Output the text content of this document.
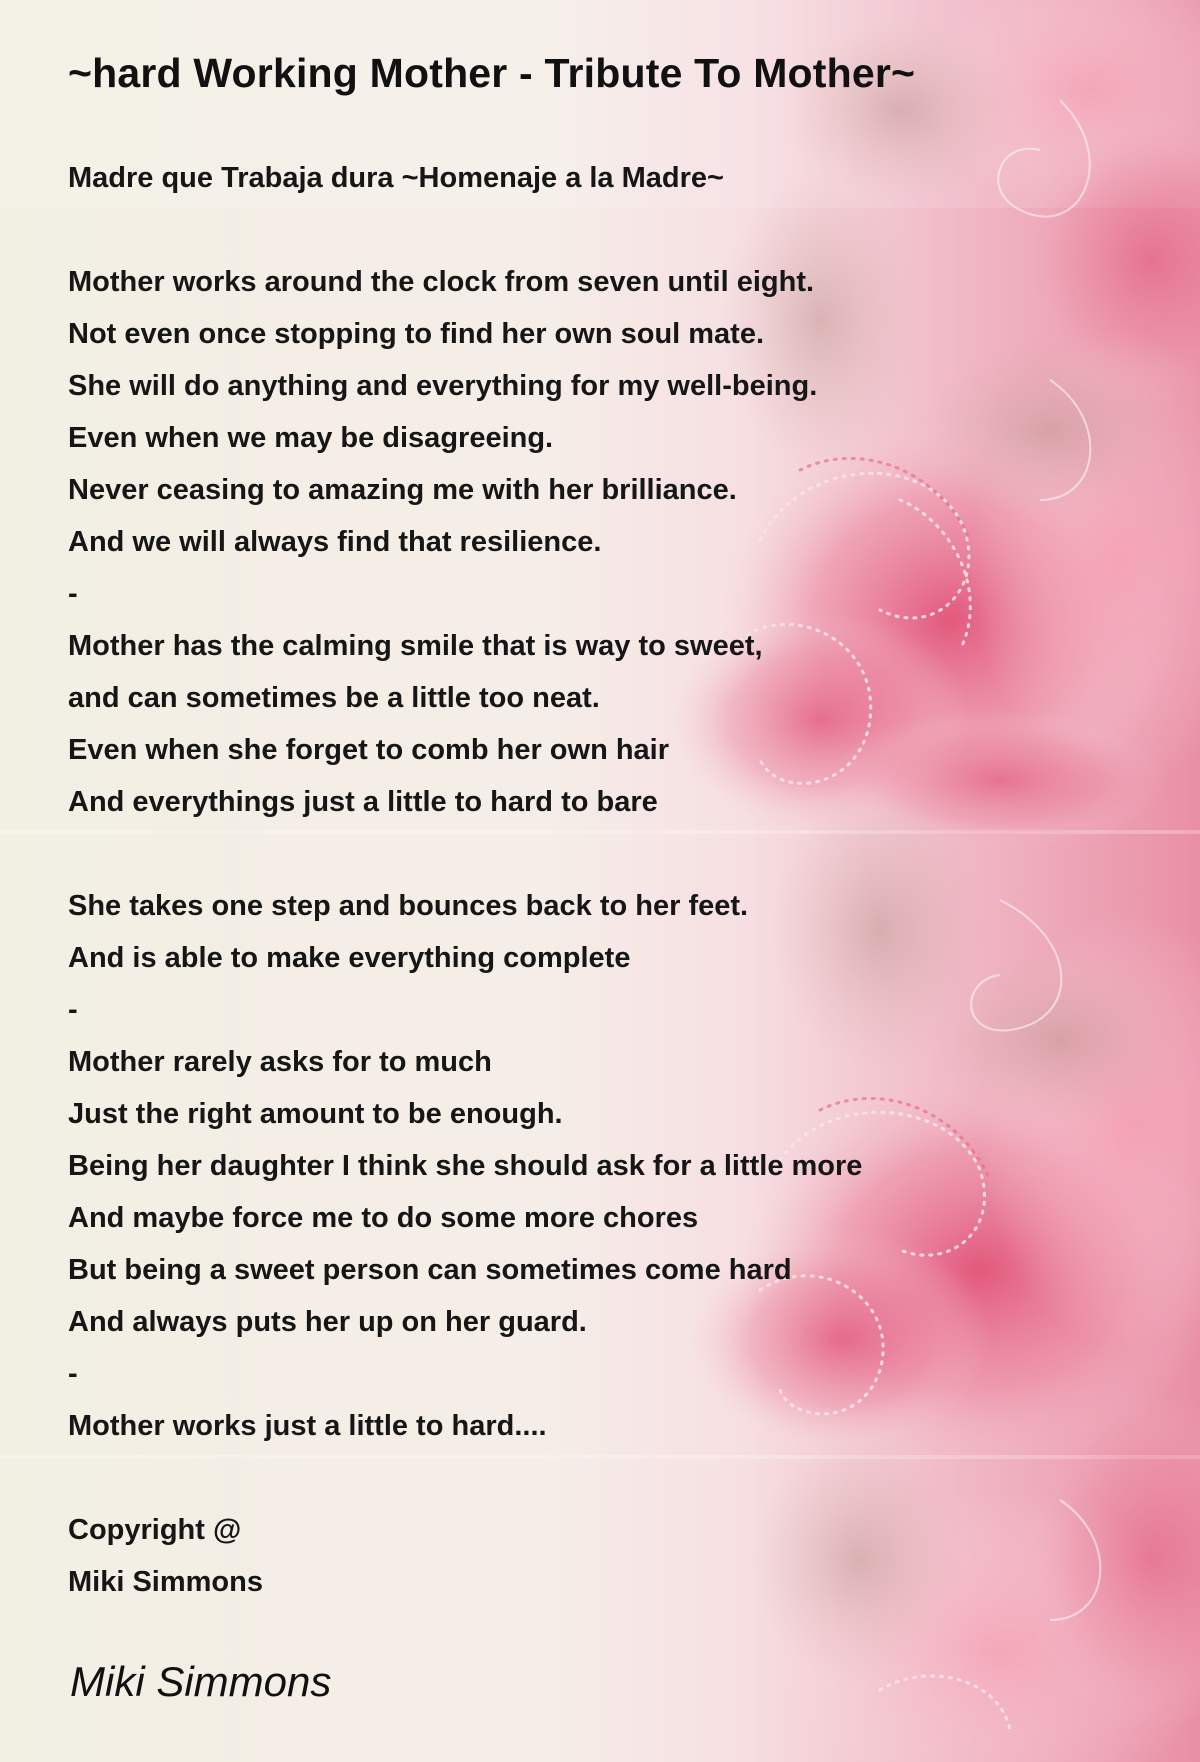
~hard Working Mother - Tribute To Mother~
Madre que Trabaja dura ~Homenaje a la Madre~
Mother works around the clock from seven until eight.
Not even once stopping to find her own soul mate.
She will do anything and everything for my well-being.
Even when we may be disagreeing.
Never ceasing to amazing me with her brilliance.
And we will always find that resilience.
-
Mother has the calming smile that is way to sweet,
and can sometimes be a little too neat.
Even when she forget to comb her own hair
And everythings just a little to hard to bare
She takes one step and bounces back to her feet.
And is able to make everything complete
-
Mother rarely asks for to much
Just the right amount to be enough.
Being her daughter I think she should ask for a little more
And maybe force me to do some more chores
But being a sweet person can sometimes come hard
And always puts her up on her guard.
-
Mother works just a little to hard....
Copyright @
Miki Simmons
Miki Simmons
